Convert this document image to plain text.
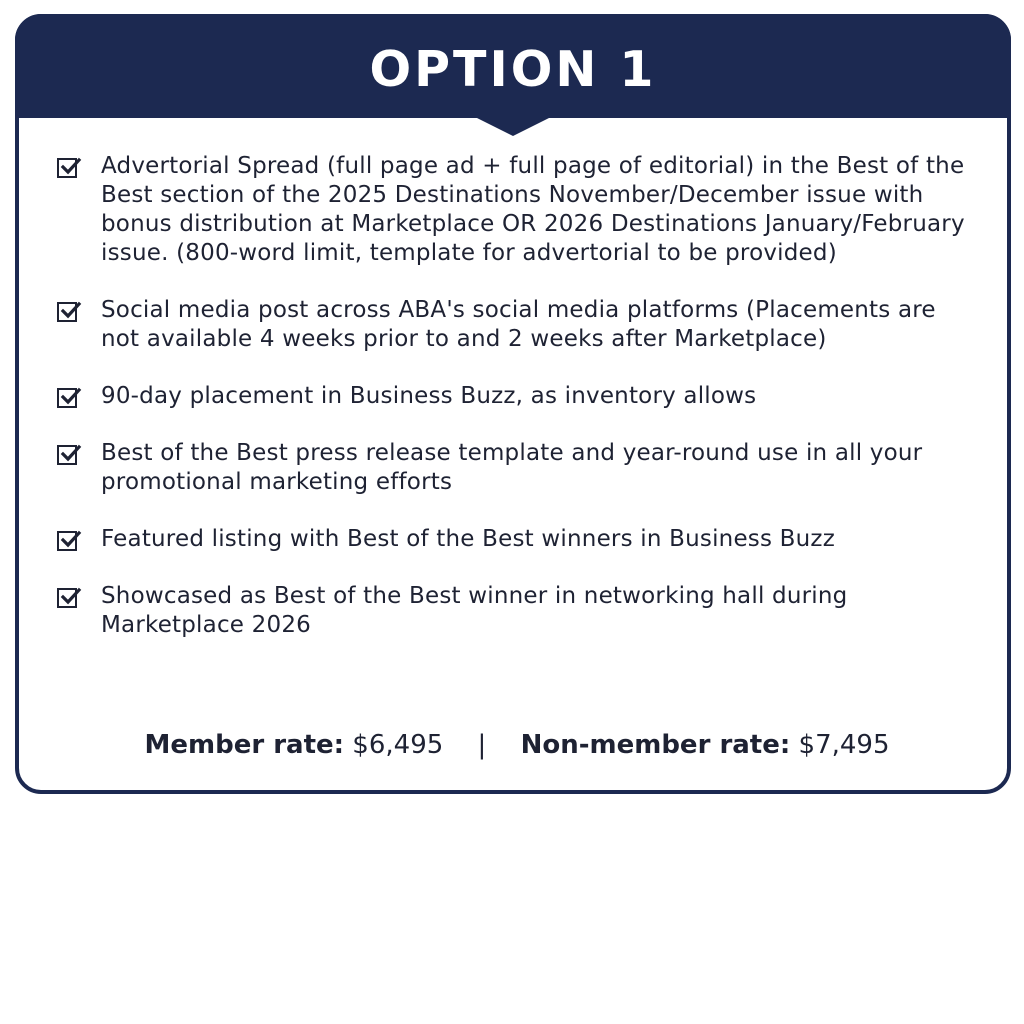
OPTION 1
Advertorial Spread (full page ad + full page of editorial) in the Best of the Best section of the 2025 Destinations November/December issue with bonus distribution at Marketplace OR 2026 Destinations January/February issue. (800-word limit, template for advertorial to be provided)
Social media post across ABA's social media platforms (Placements are not available 4 weeks prior to and 2 weeks after Marketplace)
90-day placement in Business Buzz, as inventory allows
Best of the Best press release template and year-round use in all your promotional marketing efforts
Featured listing with Best of the Best winners in Business Buzz
Showcased as Best of the Best winner in networking hall during Marketplace 2026
Member rate: $6,495 | Non-member rate: $7,495
